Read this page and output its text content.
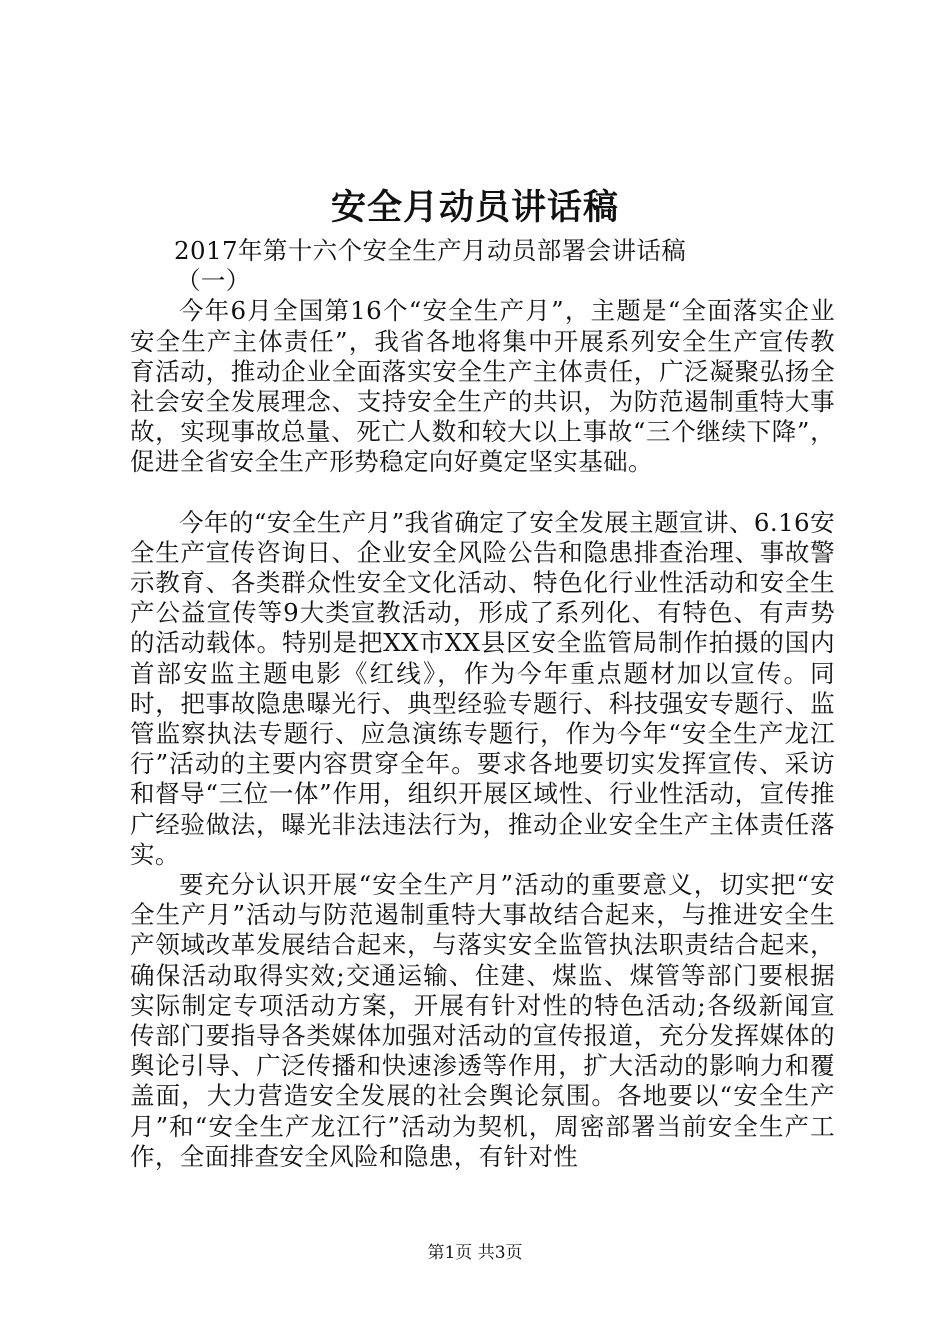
安全月动员讲话稿

2017年第十六个安全生产月动员部署会讲话稿

（一）

今年6月全国第16个“安全生产月”，主题是“全面落实企业安全生产主体责任”，我省各地将集中开展系列安全生产宣传教育活动，推动企业全面落实安全生产主体责任，广泛凝聚弘扬全社会安全发展理念、支持安全生产的共识，为防范遏制重特大事故，实现事故总量、死亡人数和较大以上事故“三个继续下降”，促进全省安全生产形势稳定向好奠定坚实基础。

今年的“安全生产月”我省确定了安全发展主题宣讲、6.16安全生产宣传咨询日、企业安全风险公告和隐患排查治理、事故警示教育、各类群众性安全文化活动、特色化行业性活动和安全生产公益宣传等9大类宣教活动，形成了系列化、有特色、有声势的活动载体。特别是把XX市XX县区安全监管局制作拍摄的国内首部安监主题电影《红线》，作为今年重点题材加以宣传。同时，把事故隐患曝光行、典型经验专题行、科技强安专题行、监管监察执法专题行、应急演练专题行，作为今年“安全生产龙江行”活动的主要内容贯穿全年。要求各地要切实发挥宣传、采访和督导“三位一体”作用，组织开展区域性、行业性活动，宣传推广经验做法，曝光非法违法行为，推动企业安全生产主体责任落实。

要充分认识开展“安全生产月”活动的重要意义，切实把“安全生产月”活动与防范遏制重特大事故结合起来，与推进安全生产领域改革发展结合起来，与落实安全监管执法职责结合起来，确保活动取得实效;交通运输、住建、煤监、煤管等部门要根据实际制定专项活动方案，开展有针对性的特色活动;各级新闻宣传部门要指导各类媒体加强对活动的宣传报道，充分发挥媒体的舆论引导、广泛传播和快速渗透等作用，扩大活动的影响力和覆盖面，大力营造安全发展的社会舆论氛围。各地要以“安全生产月”和“安全生产龙江行”活动为契机，周密部署当前安全生产工作，全面排查安全风险和隐患，有针对性

第1页 共3页
